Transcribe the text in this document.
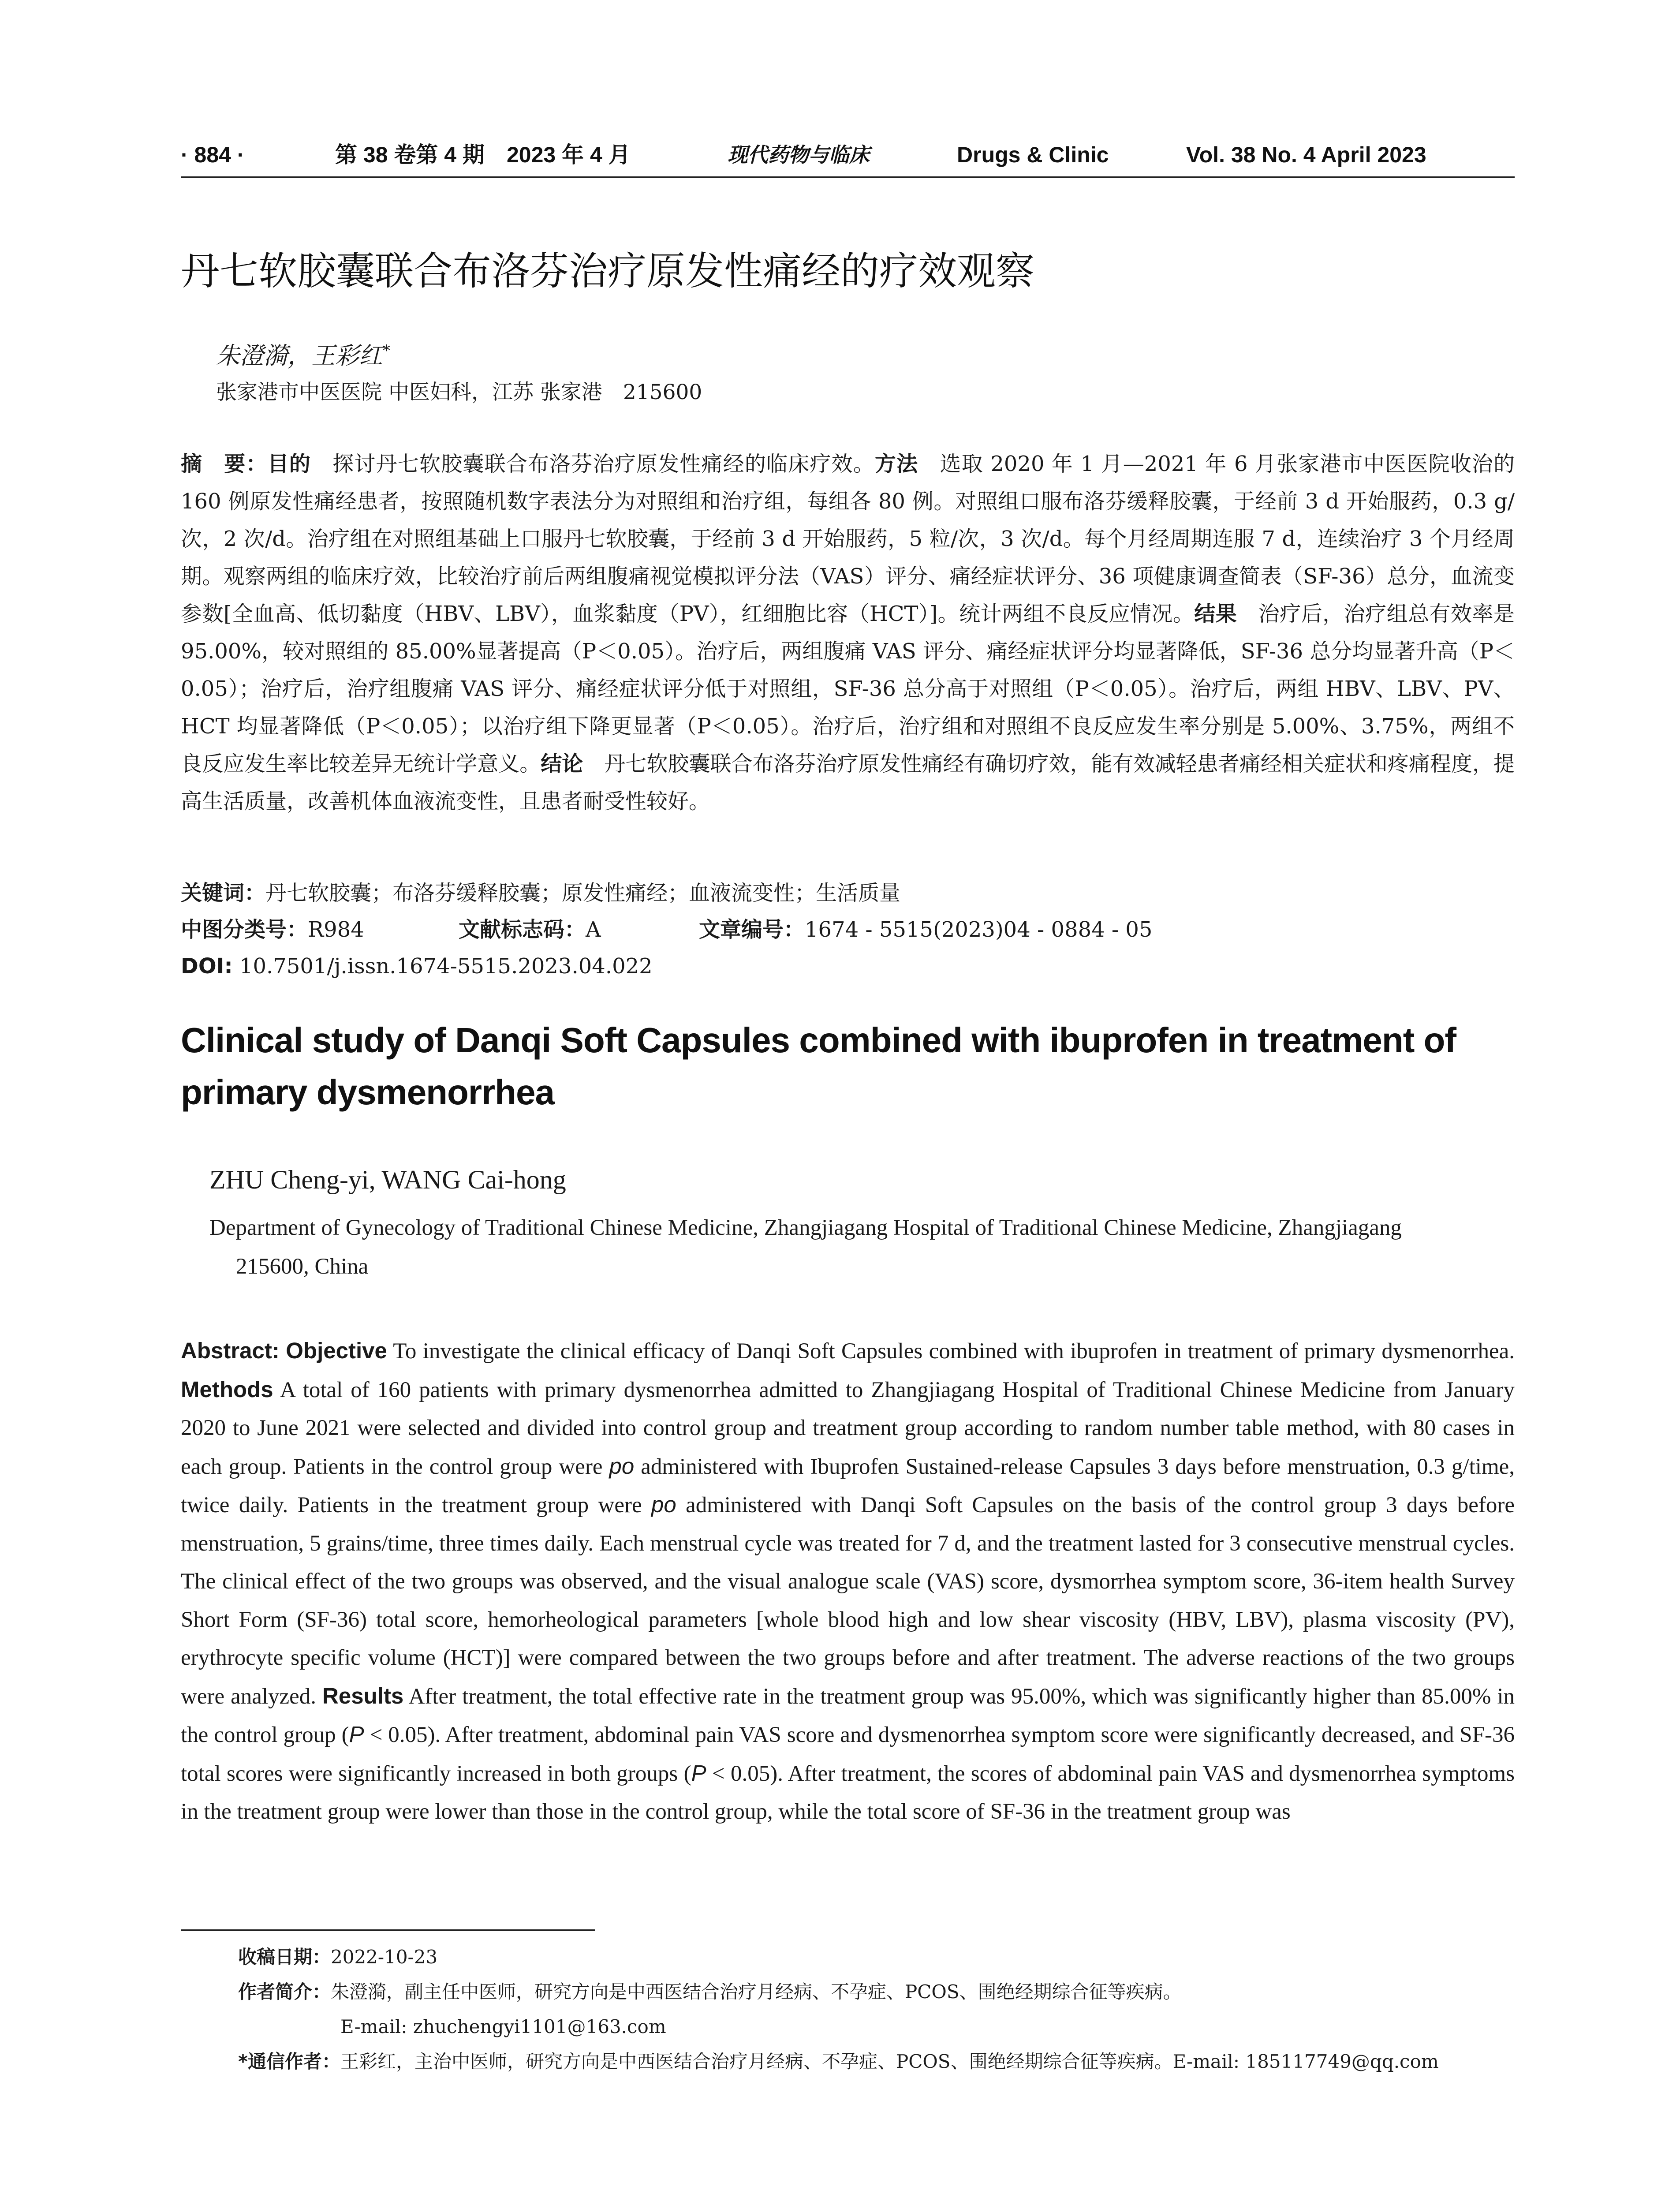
· 884 ·	第 38 卷第 4 期　2023 年 4 月	现代药物与临床	Drugs & Clinic	Vol. 38 No. 4 April 2023
丹七软胶囊联合布洛芬治疗原发性痛经的疗效观察
朱澄漪，王彩红*
张家港市中医医院 中医妇科，江苏 张家港　215600
摘　要：目的　探讨丹七软胶囊联合布洛芬治疗原发性痛经的临床疗效。方法　选取 2020 年 1 月—2021 年 6 月张家港市中医医院收治的 160 例原发性痛经患者，按照随机数字表法分为对照组和治疗组，每组各 80 例。对照组口服布洛芬缓释胶囊，于经前 3 d 开始服药，0.3 g/次，2 次/d。治疗组在对照组基础上口服丹七软胶囊，于经前 3 d 开始服药，5 粒/次，3 次/d。每个月经周期连服 7 d，连续治疗 3 个月经周期。观察两组的临床疗效，比较治疗前后两组腹痛视觉模拟评分法（VAS）评分、痛经症状评分、36 项健康调查简表（SF-36）总分，血流变参数[全血高、低切黏度（HBV、LBV），血浆黏度（PV），红细胞比容（HCT）]。统计两组不良反应情况。结果　治疗后，治疗组总有效率是 95.00%，较对照组的 85.00%显著提高（P＜0.05）。治疗后，两组腹痛 VAS 评分、痛经症状评分均显著降低，SF-36 总分均显著升高（P＜0.05）；治疗后，治疗组腹痛 VAS 评分、痛经症状评分低于对照组，SF-36 总分高于对照组（P＜0.05）。治疗后，两组 HBV、LBV、PV、HCT 均显著降低（P＜0.05）；以治疗组下降更显著（P＜0.05）。治疗后，治疗组和对照组不良反应发生率分别是 5.00%、3.75%，两组不良反应发生率比较差异无统计学意义。结论　丹七软胶囊联合布洛芬治疗原发性痛经有确切疗效，能有效减轻患者痛经相关症状和疼痛程度，提高生活质量，改善机体血液流变性，且患者耐受性较好。
关键词：丹七软胶囊；布洛芬缓释胶囊；原发性痛经；血液流变性；生活质量
中图分类号：R984	文献标志码：A	文章编号：1674 - 5515(2023)04 - 0884 - 05
DOI: 10.7501/j.issn.1674-5515.2023.04.022
Clinical study of Danqi Soft Capsules combined with ibuprofen in treatment of primary dysmenorrhea
ZHU Cheng-yi, WANG Cai-hong
Department of Gynecology of Traditional Chinese Medicine, Zhangjiagang Hospital of Traditional Chinese Medicine, Zhangjiagang
215600, China
Abstract: Objective To investigate the clinical efficacy of Danqi Soft Capsules combined with ibuprofen in treatment of primary dysmenorrhea. Methods A total of 160 patients with primary dysmenorrhea admitted to Zhangjiagang Hospital of Traditional Chinese Medicine from January 2020 to June 2021 were selected and divided into control group and treatment group according to random number table method, with 80 cases in each group. Patients in the control group were po administered with Ibuprofen Sustained-release Capsules 3 days before menstruation, 0.3 g/time, twice daily. Patients in the treatment group were po administered with Danqi Soft Capsules on the basis of the control group 3 days before menstruation, 5 grains/time, three times daily. Each menstrual cycle was treated for 7 d, and the treatment lasted for 3 consecutive menstrual cycles. The clinical effect of the two groups was observed, and the visual analogue scale (VAS) score, dysmorrhea symptom score, 36-item health Survey Short Form (SF-36) total score, hemorheological parameters [whole blood high and low shear viscosity (HBV, LBV), plasma viscosity (PV), erythrocyte specific volume (HCT)] were compared between the two groups before and after treatment. The adverse reactions of the two groups were analyzed. Results After treatment, the total effective rate in the treatment group was 95.00%, which was significantly higher than 85.00% in the control group (P < 0.05). After treatment, abdominal pain VAS score and dysmenorrhea symptom score were significantly decreased, and SF-36 total scores were significantly increased in both groups (P < 0.05). After treatment, the scores of abdominal pain VAS and dysmenorrhea symptoms in the treatment group were lower than those in the control group, while the total score of SF-36 in the treatment group was
收稿日期：2022-10-23
作者简介：朱澄漪，副主任中医师，研究方向是中西医结合治疗月经病、不孕症、PCOS、围绝经期综合征等疾病。
E-mail: zhuchengyi1101@163.com
*通信作者：王彩红，主治中医师，研究方向是中西医结合治疗月经病、不孕症、PCOS、围绝经期综合征等疾病。E-mail: 185117749@qq.com
